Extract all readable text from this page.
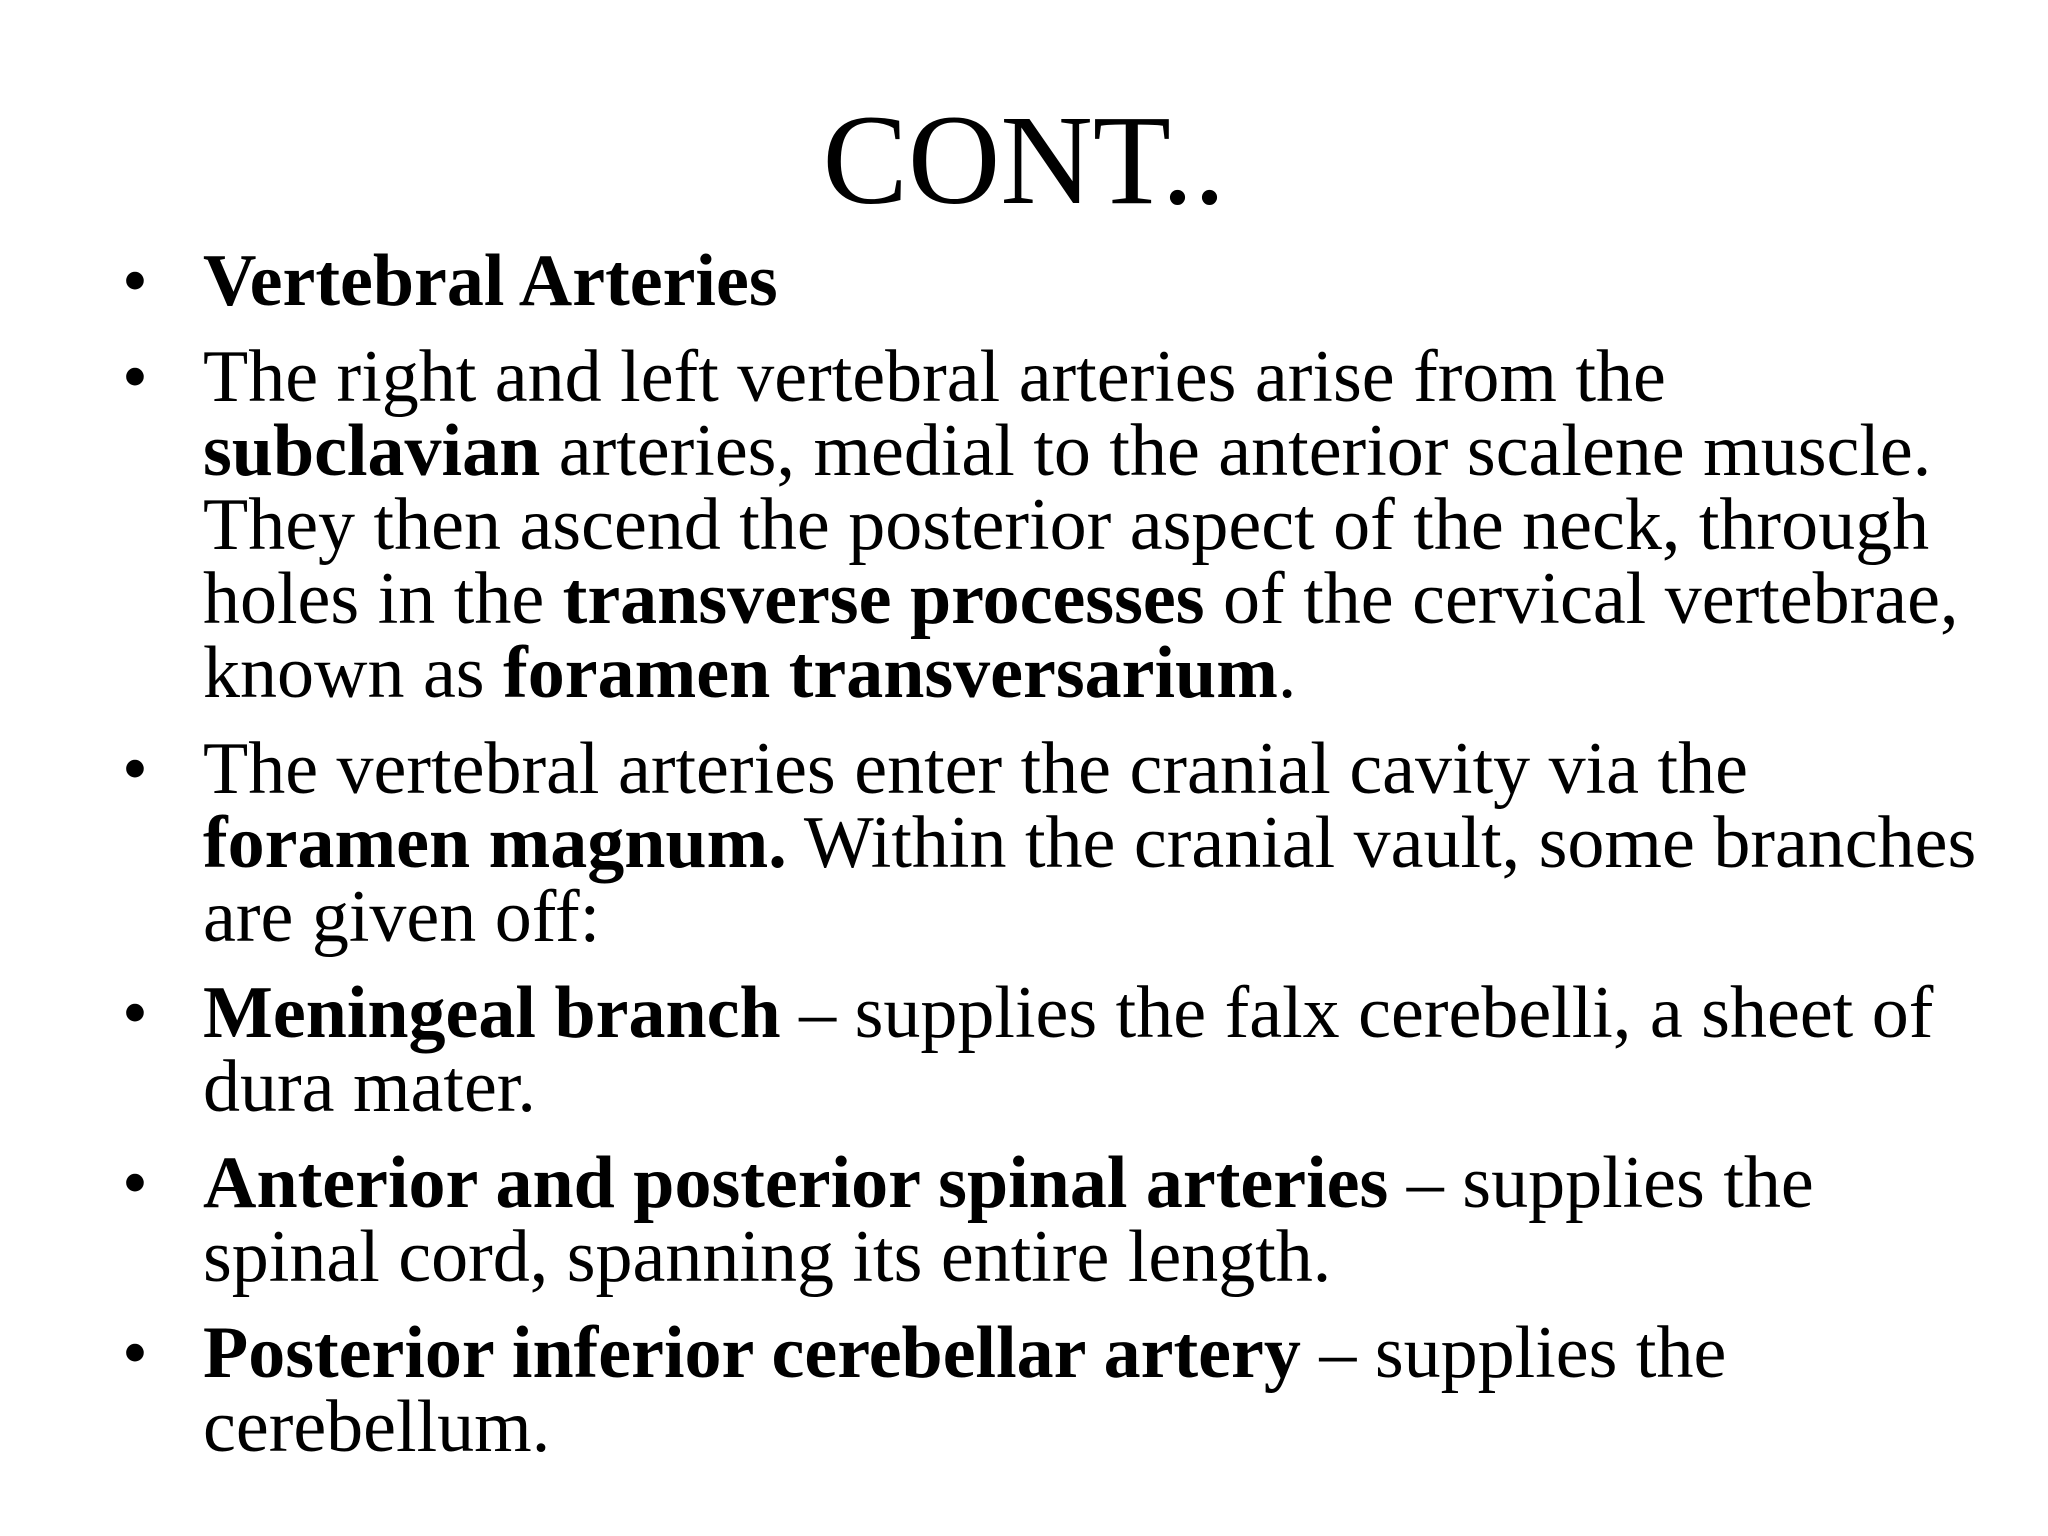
CONT..
• Vertebral Arteries
• The right and left vertebral arteries arise from the subclavian arteries, medial to the anterior scalene muscle. They then ascend the posterior aspect of the neck, through holes in the transverse processes of the cervical vertebrae, known as foramen transversarium.
• The vertebral arteries enter the cranial cavity via the foramen magnum. Within the cranial vault, some branches are given off:
• Meningeal branch – supplies the falx cerebelli, a sheet of dura mater.
• Anterior and posterior spinal arteries – supplies the spinal cord, spanning its entire length.
• Posterior inferior cerebellar artery – supplies the cerebellum.
